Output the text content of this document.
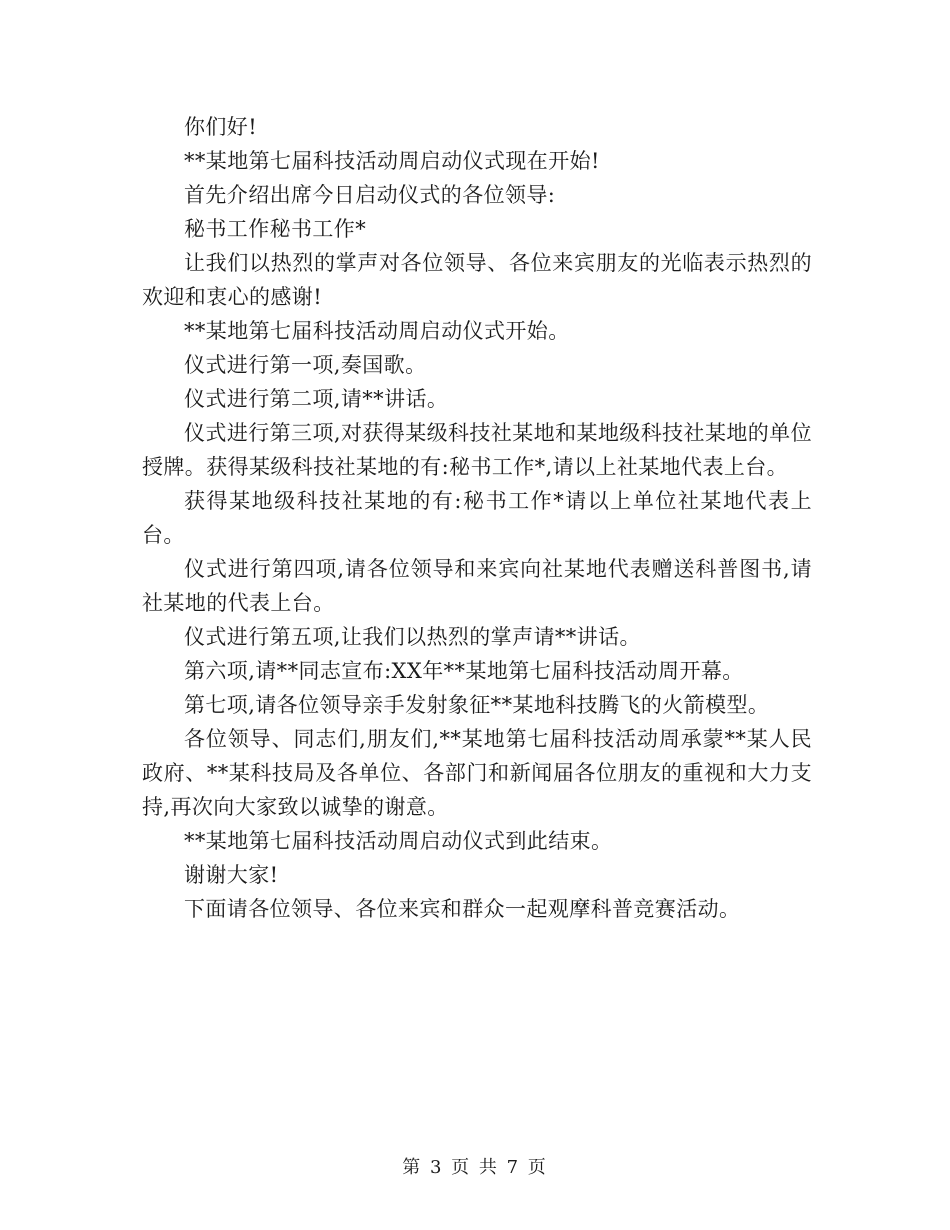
你们好!

**某地第七届科技活动周启动仪式现在开始!

首先介绍出席今日启动仪式的各位领导:

秘书工作秘书工作*

让我们以热烈的掌声对各位领导、各位来宾朋友的光临表示热烈的欢迎和衷心的感谢!

**某地第七届科技活动周启动仪式开始。

仪式进行第一项,奏国歌。

仪式进行第二项,请**讲话。

仪式进行第三项,对获得某级科技社某地和某地级科技社某地的单位授牌。获得某级科技社某地的有:秘书工作*,请以上社某地代表上台。

获得某地级科技社某地的有:秘书工作*请以上单位社某地代表上台。

仪式进行第四项,请各位领导和来宾向社某地代表赠送科普图书,请社某地的代表上台。

仪式进行第五项,让我们以热烈的掌声请**讲话。

第六项,请**同志宣布:XX年**某地第七届科技活动周开幕。

第七项,请各位领导亲手发射象征**某地科技腾飞的火箭模型。

各位领导、同志们,朋友们,**某地第七届科技活动周承蒙**某人民政府、**某科技局及各单位、各部门和新闻届各位朋友的重视和大力支持,再次向大家致以诚挚的谢意。

**某地第七届科技活动周启动仪式到此结束。

谢谢大家!

下面请各位领导、各位来宾和群众一起观摩科普竞赛活动。

第 3 页 共 7 页
